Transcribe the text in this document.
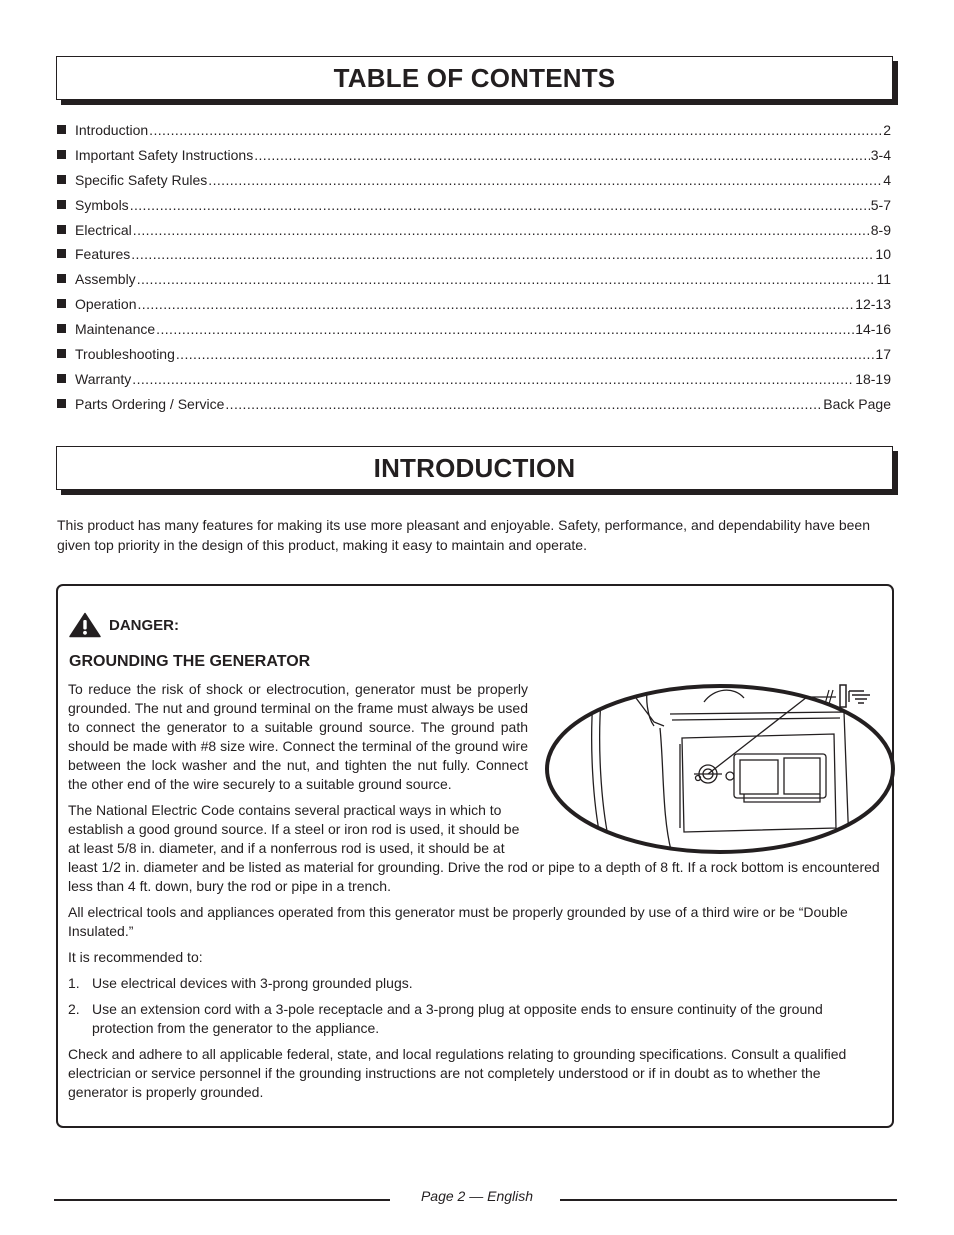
TABLE OF CONTENTS
Introduction .....	2
Important Safety Instructions .....	3-4
Specific Safety Rules .....	4
Symbols .....	5-7
Electrical .....	8-9
Features .....	10
Assembly .....	11
Operation .....	12-13
Maintenance .....	14-16
Troubleshooting .....	17
Warranty .....	18-19
Parts Ordering / Service .....	Back Page
INTRODUCTION

This product has many features for making its use more pleasant and enjoyable. Safety, performance, and dependability have been given top priority in the design of this product, making it easy to maintain and operate.

DANGER:
GROUNDING THE GENERATOR

To reduce the risk of shock or electrocution, generator must be properly grounded. The nut and ground terminal on the frame must always be used to connect the generator to a suitable ground source. The ground path should be made with #8 size wire. Connect the terminal of the ground wire between the lock washer and the nut, and tighten the nut fully. Connect the other end of the wire securely to a suitable ground source.

The National Electric Code contains several practical ways in which to establish a good ground source. If a steel or iron rod is used, it should be at least 5/8 in. diameter, and if a nonferrous rod is used, it should be at least 1/2 in. diameter and be listed as material for grounding. Drive the rod or pipe to a depth of 8 ft. If a rock bottom is encountered less than 4 ft. down, bury the rod or pipe in a trench.

All electrical tools and appliances operated from this generator must be properly grounded by use of a third wire or be “Double Insulated.”

It is recommended to:

1. Use electrical devices with 3-prong grounded plugs.
2. Use an extension cord with a 3-pole receptacle and a 3-prong plug at opposite ends to ensure continuity of the ground protection from the generator to the appliance.

Check and adhere to all applicable federal, state, and local regulations relating to grounding specifications. Consult a qualified electrician or service personnel if the grounding instructions are not completely understood or if in doubt as to whether the generator is properly grounded.

Page 2 — English
